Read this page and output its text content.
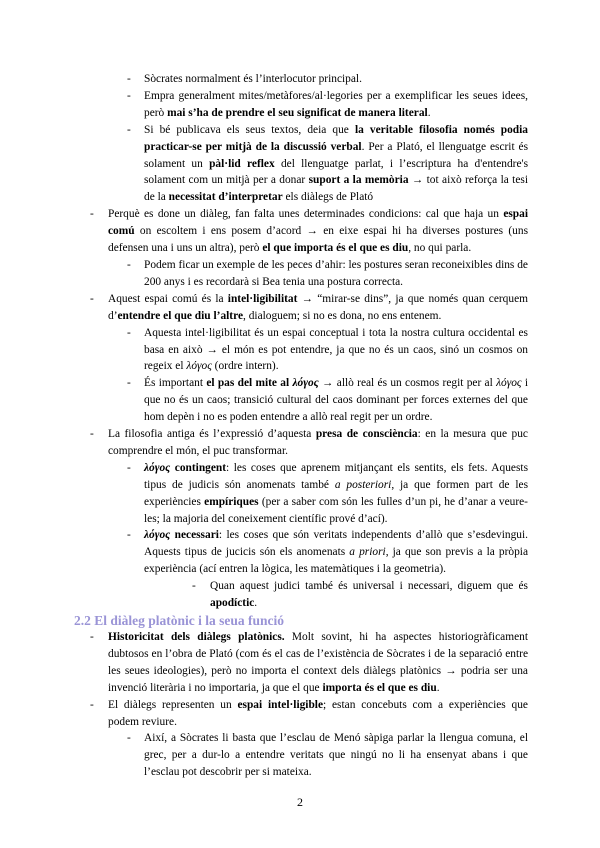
- Sòcrates normalment és l’interlocutor principal.
- Empra generalment mites/metàfores/al·legories per a exemplificar les seues idees, però mai s’ha de prendre el seu significat de manera literal.
- Si bé publicava els seus textos, deia que la veritable filosofia només podia practicar-se per mitjà de la discussió verbal. Per a Plató, el llenguatge escrit és solament un pàl·lid reflex del llenguatge parlat, i l’escriptura ha d'entendre's solament com un mitjà per a donar suport a la memòria → tot això reforça la tesi de la necessitat d’interpretar els diàlegs de Plató
- Perquè es done un diàleg, fan falta unes determinades condicions: cal que haja un espai comú on escoltem i ens posem d’acord → en eixe espai hi ha diverses postures (uns defensen una i uns un altra), però el que importa és el que es diu, no qui parla.
- Podem ficar un exemple de les peces d’ahir: les postures seran reconeixibles dins de 200 anys i es recordarà si Bea tenia una postura correcta.
- Aquest espai comú és la intel·ligibilitat → “mirar-se dins”, ja que només quan cerquem d’entendre el que diu l’altre, dialoguem; si no es dona, no ens entenem.
- Aquesta intel·ligibilitat és un espai conceptual i tota la nostra cultura occidental es basa en això → el món es pot entendre, ja que no és un caos, sinó un cosmos on regeix el λόγος (ordre intern).
- És important el pas del mite al λόγος → allò real és un cosmos regit per al λόγος i que no és un caos; transició cultural del caos dominant per forces externes del que hom depèn i no es poden entendre a allò real regit per un ordre.
- La filosofia antiga és l’expressió d’aquesta presa de consciència: en la mesura que puc comprendre el món, el puc transformar.
- λόγος contingent: les coses que aprenem mitjançant els sentits, els fets. Aquests tipus de judicis són anomenats també a posteriori, ja que formen part de les experiències empíriques (per a saber com són les fulles d’un pi, he d’anar a veure-les; la majoria del coneixement científic prové d’ací).
- λόγος necessari: les coses que són veritats independents d’allò que s’esdevingui. Aquests tipus de jucicis són els anomenats a priori, ja que son previs a la pròpia experiència (ací entren la lògica, les matemàtiques i la geometria).
- Quan aquest judici també és universal i necessari, diguem que és apodíctic.
2.2 El diàleg platònic i la seua funció
- Historicitat dels diàlegs platònics. Molt sovint, hi ha aspectes historiogràficament dubtosos en l’obra de Plató (com és el cas de l’existència de Sòcrates i de la separació entre les seues ideologies), però no importa el context dels diàlegs platònics → podria ser una invenció literària i no importaria, ja que el que importa és el que es diu.
- El diàlegs representen un espai intel·ligible; estan concebuts com a experiències que podem reviure.
- Així, a Sòcrates li basta que l’esclau de Menó sàpiga parlar la llengua comuna, el grec, per a dur-lo a entendre veritats que ningú no li ha ensenyat abans i que l’esclau pot descobrir per si mateixa.
2
